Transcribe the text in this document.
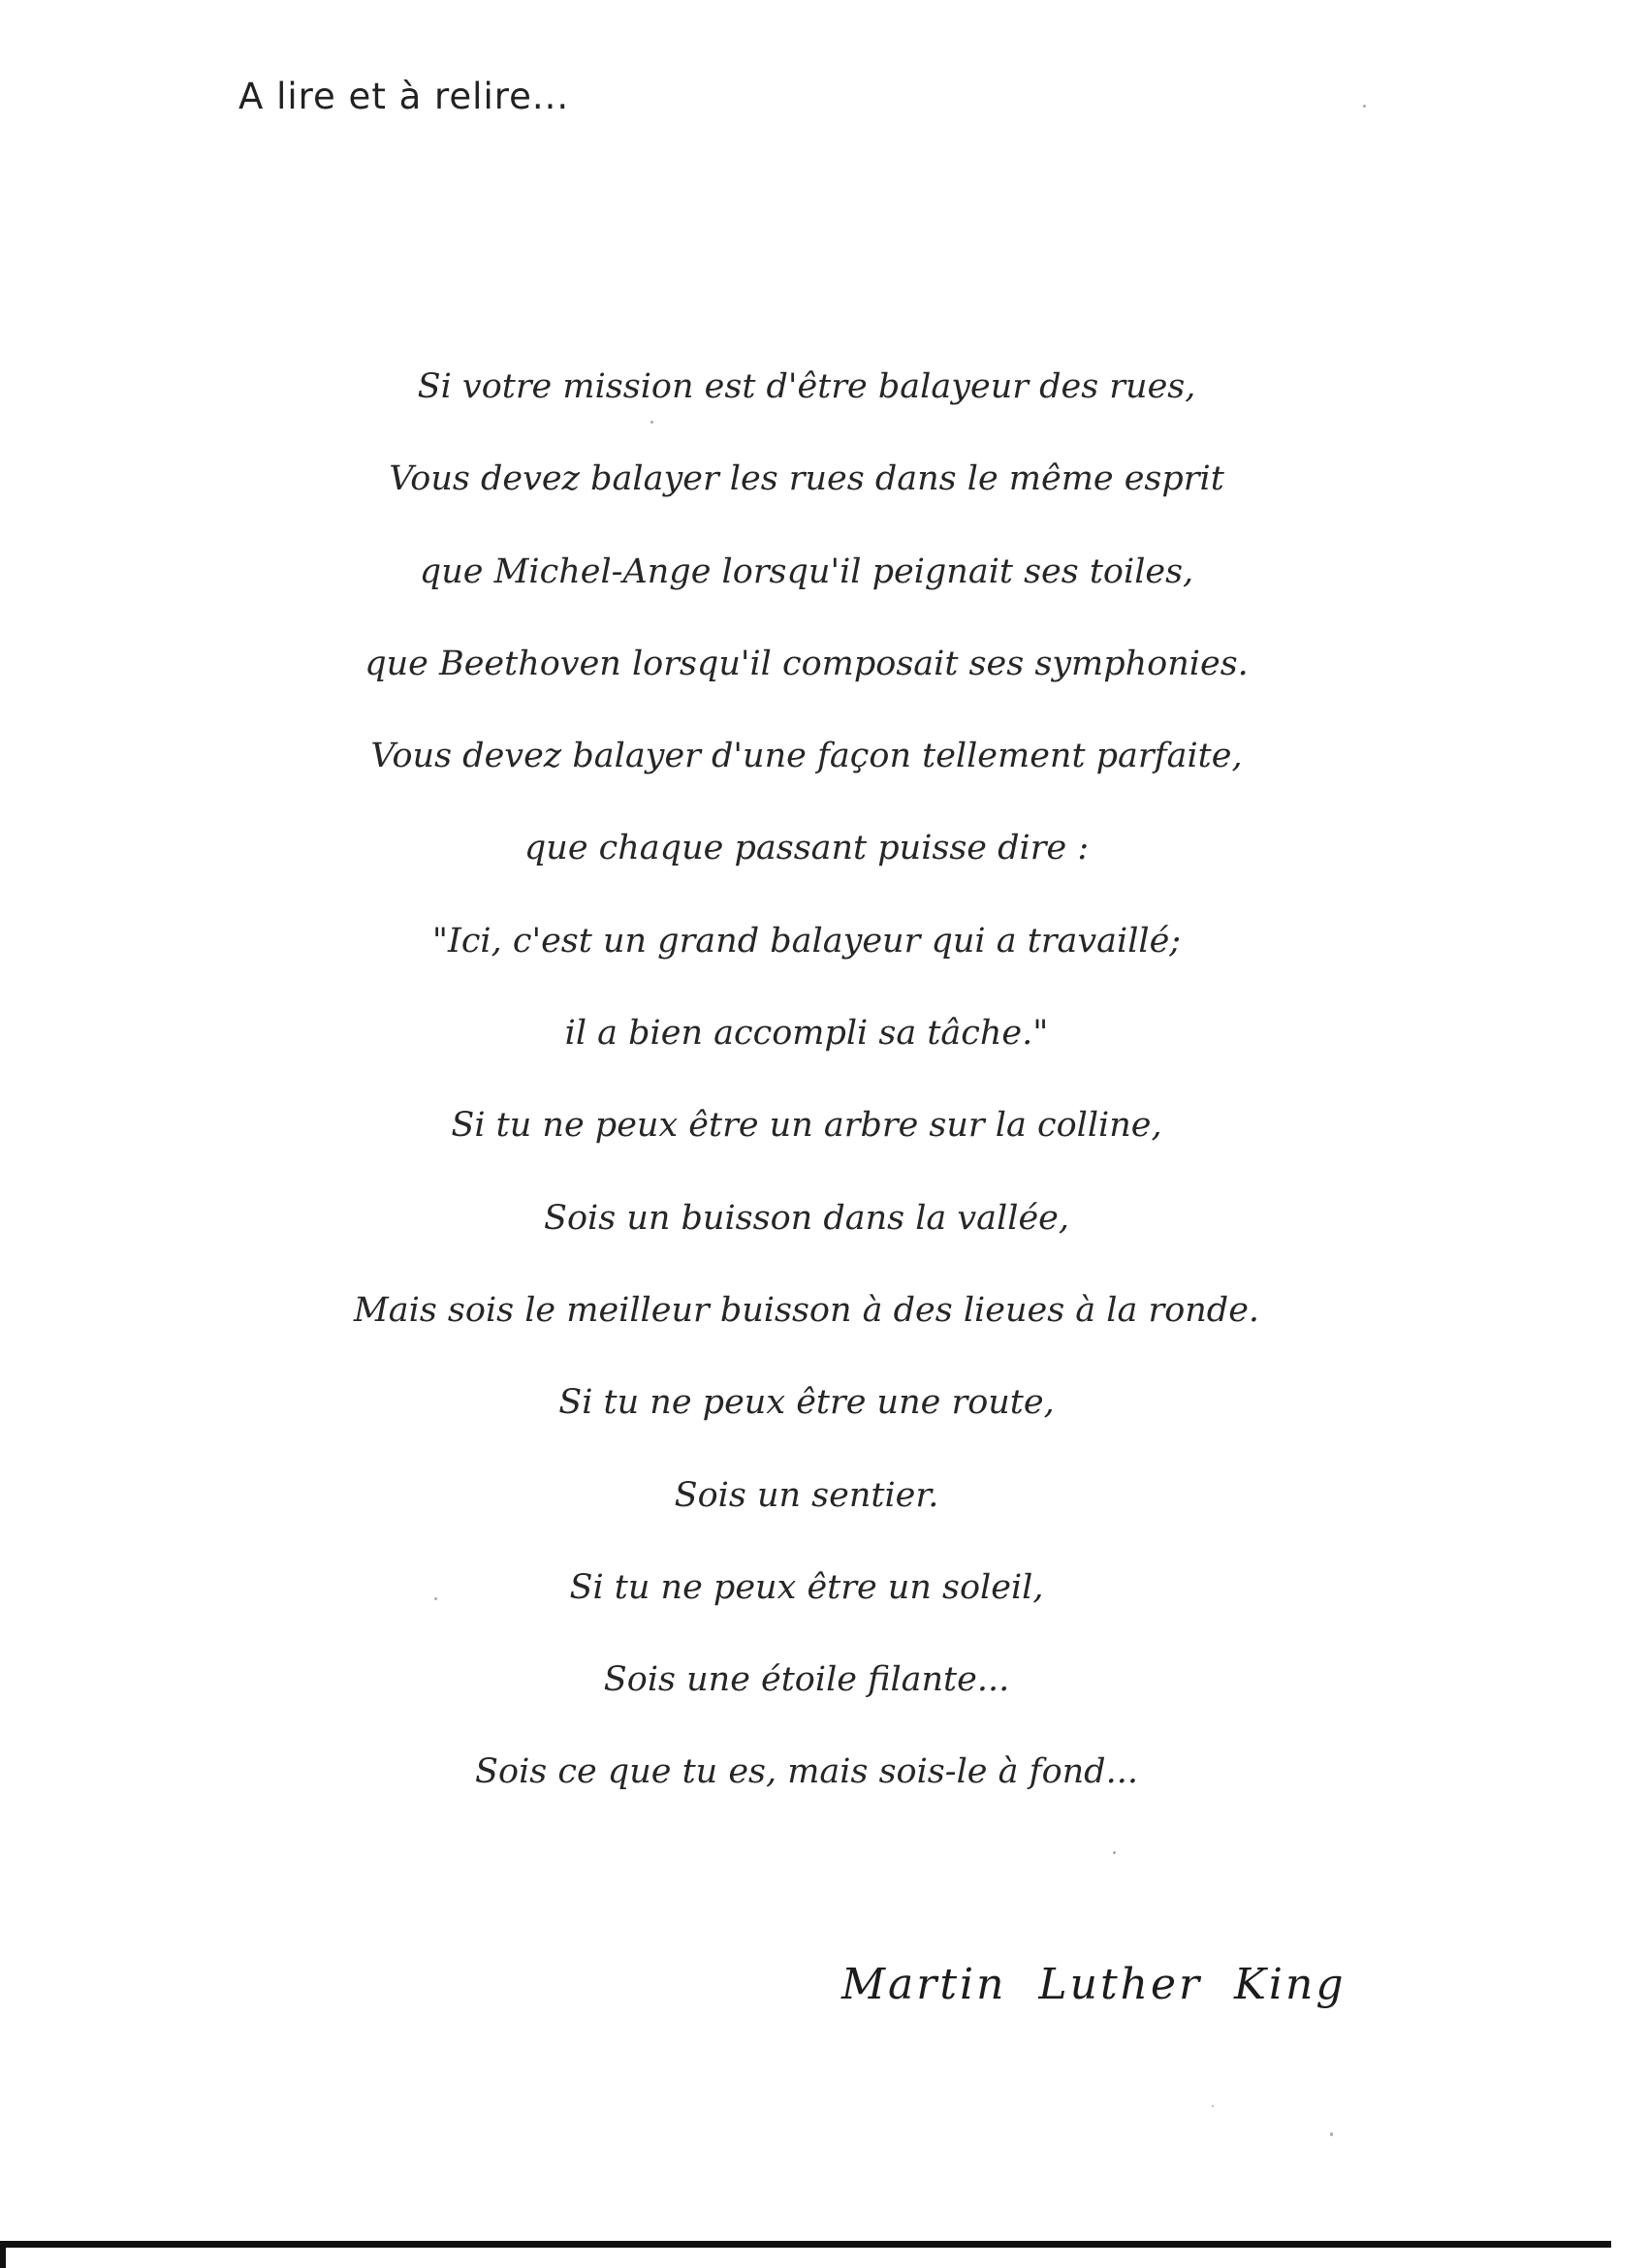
A lire et à relire...
Si votre mission est d'être balayeur des rues,
Vous devez balayer les rues dans le même esprit
que Michel-Ange lorsqu'il peignait ses toiles,
que Beethoven lorsqu'il composait ses symphonies.
Vous devez balayer d'une façon tellement parfaite,
que chaque passant puisse dire :
"Ici, c'est un grand balayeur qui a travaillé;
il a bien accompli sa tâche."
Si tu ne peux être un arbre sur la colline,
Sois un buisson dans la vallée,
Mais sois le meilleur buisson à des lieues à la ronde.
Si tu ne peux être une route,
Sois un sentier.
Si tu ne peux être un soleil,
Sois une étoile filante...
Sois ce que tu es, mais sois-le à fond...
Martin Luther King
